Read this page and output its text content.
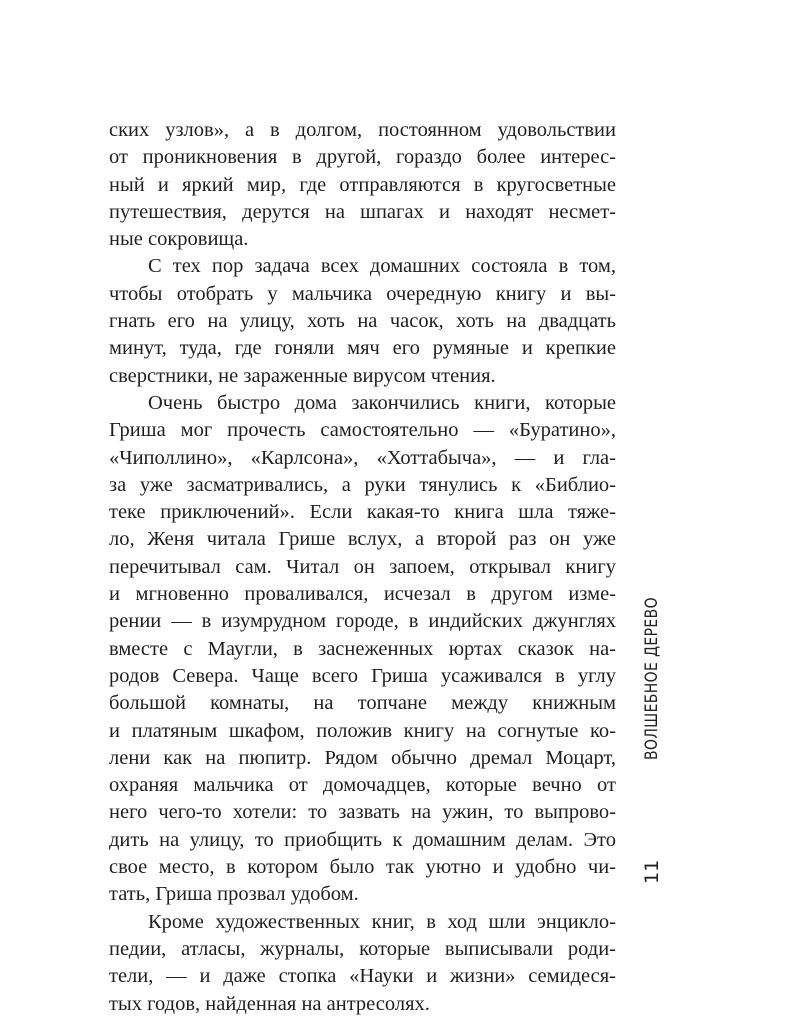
ских узлов», а в долгом, постоянном удовольствии
от проникновения в другой, гораздо более интерес-
ный и яркий мир, где отправляются в кругосветные
путешествия, дерутся на шпагах и находят несмет-
ные сокровища.
С тех пор задача всех домашних состояла в том,
чтобы отобрать у мальчика очередную книгу и вы-
гнать его на улицу, хоть на часок, хоть на двадцать
минут, туда, где гоняли мяч его румяные и крепкие
сверстники, не зараженные вирусом чтения.
Очень быстро дома закончились книги, которые
Гриша мог прочесть самостоятельно — «Буратино»,
«Чиполлино», «Карлсона», «Хоттабыча», — и гла-
за уже засматривались, а руки тянулись к «Библио-
теке приключений». Если какая-то книга шла тяже-
ло, Женя читала Грише вслух, а второй раз он уже
перечитывал сам. Читал он запоем, открывал книгу
и мгновенно проваливался, исчезал в другом изме-
рении — в изумрудном городе, в индийских джунглях
вместе с Маугли, в заснеженных юртах сказок на-
родов Севера. Чаще всего Гриша усаживался в углу
большой комнаты, на топчане между книжным
и платяным шкафом, положив книгу на согнутые ко-
лени как на пюпитр. Рядом обычно дремал Моцарт,
охраняя мальчика от домочадцев, которые вечно от
него чего-то хотели: то зазвать на ужин, то выпрово-
дить на улицу, то приобщить к домашним делам. Это
свое место, в котором было так уютно и удобно чи-
тать, Гриша прозвал удобом.
Кроме художественных книг, в ход шли энцикло-
педии, атласы, журналы, которые выписывали роди-
тели, — и даже стопка «Науки и жизни» семидеся-
тых годов, найденная на антресолях.
ВОЛШЕБНОЕ ДЕРЕВО
11
